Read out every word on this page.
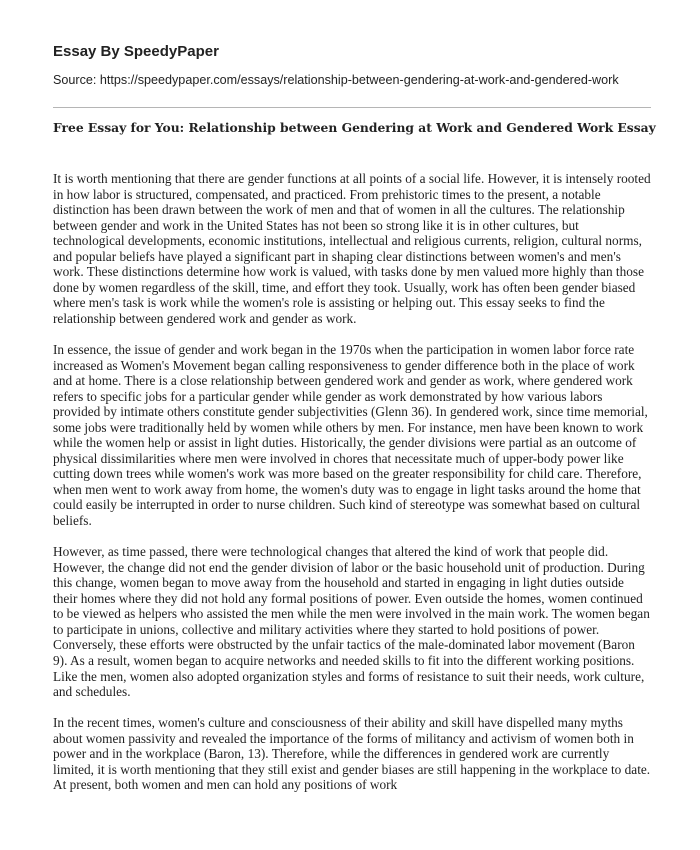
Essay By SpeedyPaper
Source: https://speedypaper.com/essays/relationship-between-gendering-at-work-and-gendered-work
Free Essay for You: Relationship between Gendering at Work and Gendered Work Essay

It is worth mentioning that there are gender functions at all points of a social life. However, it is intensely rooted in how labor is structured, compensated, and practiced. From prehistoric times to the present, a notable distinction has been drawn between the work of men and that of women in all the cultures. The relationship between gender and work in the United States has not been so strong like it is in other cultures, but technological developments, economic institutions, intellectual and religious currents, religion, cultural norms, and popular beliefs have played a significant part in shaping clear distinctions between women's and men's work. These distinctions determine how work is valued, with tasks done by men valued more highly than those done by women regardless of the skill, time, and effort they took. Usually, work has often been gender biased where men's task is work while the women's role is assisting or helping out. This essay seeks to find the relationship between gendered work and gender as work.

In essence, the issue of gender and work began in the 1970s when the participation in women labor force rate increased as Women's Movement began calling responsiveness to gender difference both in the place of work and at home. There is a close relationship between gendered work and gender as work, where gendered work refers to specific jobs for a particular gender while gender as work demonstrated by how various labors provided by intimate others constitute gender subjectivities (Glenn 36). In gendered work, since time memorial, some jobs were traditionally held by women while others by men. For instance, men have been known to work while the women help or assist in light duties. Historically, the gender divisions were partial as an outcome of physical dissimilarities where men were involved in chores that necessitate much of upper-body power like cutting down trees while women's work was more based on the greater responsibility for child care. Therefore, when men went to work away from home, the women's duty was to engage in light tasks around the home that could easily be interrupted in order to nurse children. Such kind of stereotype was somewhat based on cultural beliefs.

However, as time passed, there were technological changes that altered the kind of work that people did. However, the change did not end the gender division of labor or the basic household unit of production. During this change, women began to move away from the household and started in engaging in light duties outside their homes where they did not hold any formal positions of power. Even outside the homes, women continued to be viewed as helpers who assisted the men while the men were involved in the main work. The women began to participate in unions, collective and military activities where they started to hold positions of power. Conversely, these efforts were obstructed by the unfair tactics of the male-dominated labor movement (Baron 9). As a result, women began to acquire networks and needed skills to fit into the different working positions. Like the men, women also adopted organization styles and forms of resistance to suit their needs, work culture, and schedules.

In the recent times, women's culture and consciousness of their ability and skill have dispelled many myths about women passivity and revealed the importance of the forms of militancy and activism of women both in power and in the workplace (Baron, 13). Therefore, while the differences in gendered work are currently limited, it is worth mentioning that they still exist and gender biases are still happening in the workplace to date. At present, both women and men can hold any positions of work
